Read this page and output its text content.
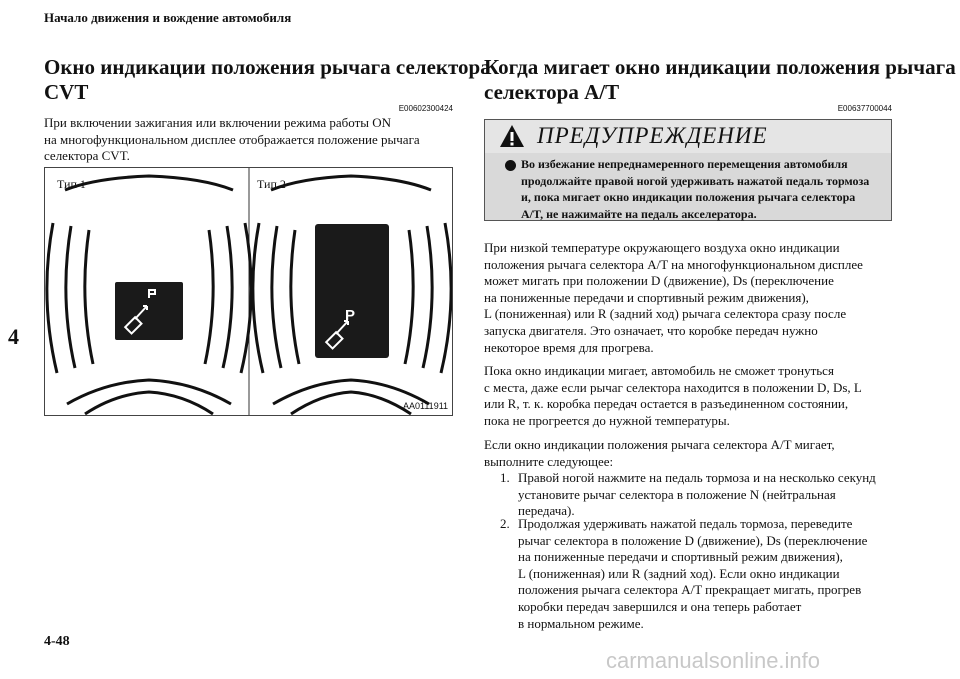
Начало движения и вождение автомобиля
4
Окно индикации положения рычага селектора
CVT
E00602300424
При включении зажигания или включении режима работы ON
на многофункциональном дисплее отображается положение рычага
селектора CVT.
P
Тип 1	Тип 2
AA0111911
Когда мигает окно индикации положения рычага
селектора A/T
E00637700044
ПРЕДУПРЕЖДЕНИЕ
Во избежание непреднамеренного перемещения автомобиля
продолжайте правой ногой удерживать нажатой педаль тормоза
и, пока мигает окно индикации положения рычага селектора
A/T, не нажимайте на педаль акселератора.
При низкой температуре окружающего воздуха окно индикации
положения рычага селектора A/T на многофункциональном дисплее
может мигать при положении D (движение), Ds (переключение
на пониженные передачи и спортивный режим движения),
L (пониженная) или R (задний ход) рычага селектора сразу после
запуска двигателя. Это означает, что коробке передач нужно
некоторое время для прогрева.
Пока окно индикации мигает, автомобиль не сможет тронуться
с места, даже если рычаг селектора находится в положении D, Ds, L
или R, т. к. коробка передач остается в разъединенном состоянии,
пока не прогреется до нужной температуры.
Если окно индикации положения рычага селектора A/T мигает,
выполните следующее:
1. Правой ногой нажмите на педаль тормоза и на несколько секунд
установите рычаг селектора в положение N (нейтральная
передача).
2. Продолжая удерживать нажатой педаль тормоза, переведите
рычаг селектора в положение D (движение), Ds (переключение
на пониженные передачи и спортивный режим движения),
L (пониженная) или R (задний ход). Если окно индикации
положения рычага селектора A/T прекращает мигать, прогрев
коробки передач завершился и она теперь работает
в нормальном режиме.
4-48
carmanualsonline.info
